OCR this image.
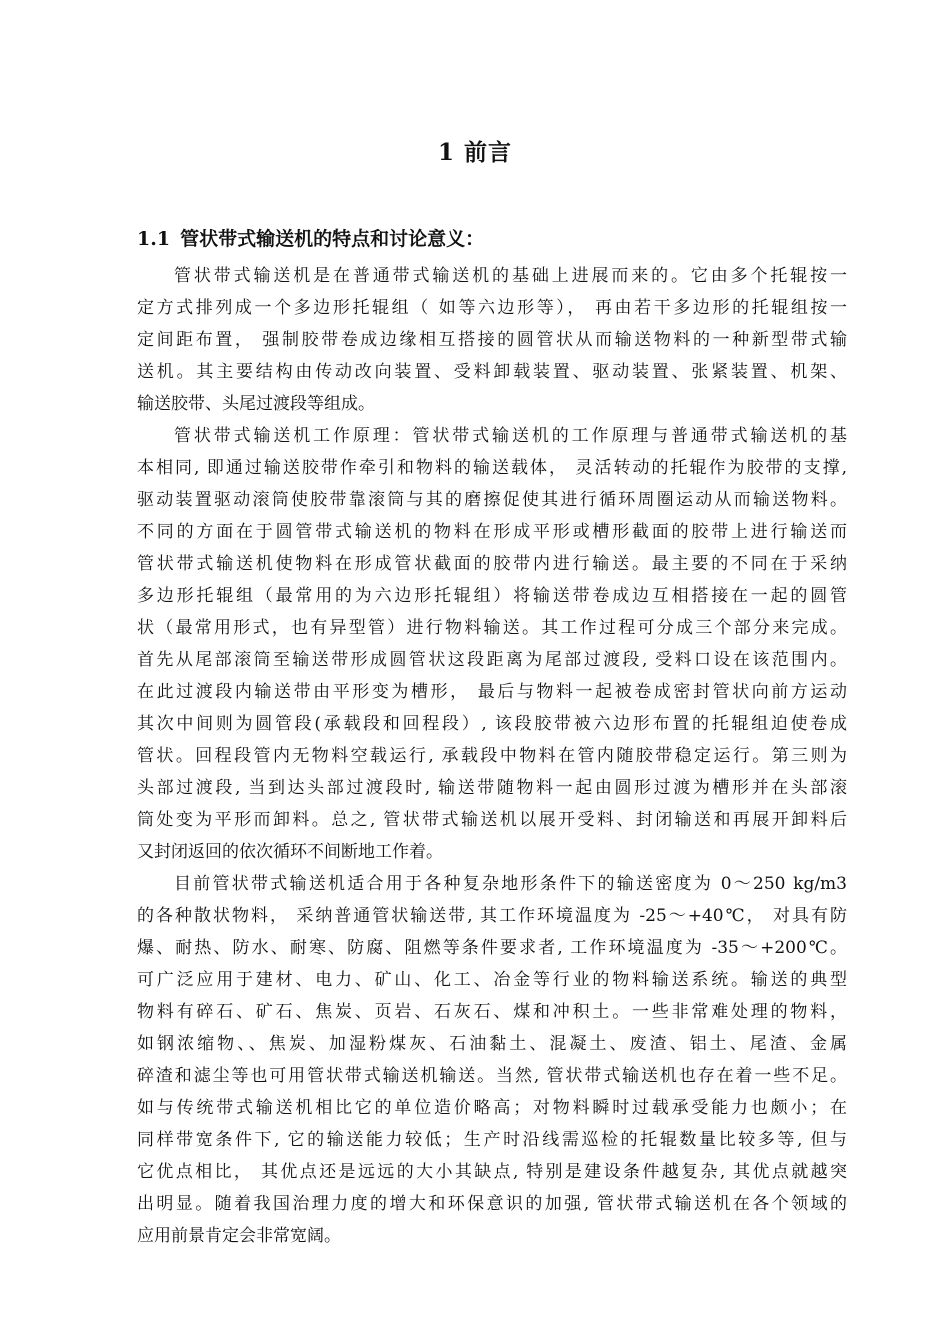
1 前言
1.1 管状带式输送机的特点和讨论意义：
管状带式输送机是在普通带式输送机的基础上进展而来的。它由多个托辊按一
定方式排列成一个多边形托辊组（ 如等六边形等）， 再由若干多边形的托辊组按一
定间距布置， 强制胶带卷成边缘相互搭接的圆管状从而输送物料的一种新型带式输
送机。其主要结构由传动改向装置、受料卸载装置、驱动装置、张紧装置、机架、
输送胶带、头尾过渡段等组成。
管状带式输送机工作原理：管状带式输送机的工作原理与普通带式输送机的基
本相同, 即通过输送胶带作牵引和物料的输送载体， 灵活转动的托辊作为胶带的支撑,
驱动装置驱动滚筒使胶带靠滚筒与其的磨擦促使其进行循环周圈运动从而输送物料。
不同的方面在于圆管带式输送机的物料在形成平形或槽形截面的胶带上进行输送而
管状带式输送机使物料在形成管状截面的胶带内进行输送。最主要的不同在于采纳
多边形托辊组（最常用的为六边形托辊组）将输送带卷成边互相搭接在一起的圆管
状（最常用形式，也有异型管）进行物料输送。其工作过程可分成三个部分来完成。
首先从尾部滚筒至输送带形成圆管状这段距离为尾部过渡段, 受料口设在该范围内。
在此过渡段内输送带由平形变为槽形， 最后与物料一起被卷成密封管状向前方运动
其次中间则为圆管段(承载段和回程段）, 该段胶带被六边形布置的托辊组迫使卷成
管状。回程段管内无物料空载运行, 承载段中物料在管内随胶带稳定运行。第三则为
头部过渡段, 当到达头部过渡段时, 输送带随物料一起由圆形过渡为槽形并在头部滚
筒处变为平形而卸料。总之, 管状带式输送机以展开受料、封闭输送和再展开卸料后
又封闭返回的依次循环不间断地工作着。
目前管状带式输送机适合用于各种复杂地形条件下的输送密度为 0～250 kg/m3
的各种散状物料， 采纳普通管状输送带, 其工作环境温度为 -25～+40℃， 对具有防
爆、耐热、防水、耐寒、防腐、阻燃等条件要求者, 工作环境温度为 -35～+200℃。
可广泛应用于建材、电力、矿山、化工、冶金等行业的物料输送系统。输送的典型
物料有碎石、矿石、焦炭、页岩、石灰石、煤和冲积土。一些非常难处理的物料，
如钢浓缩物、、焦炭、加湿粉煤灰、石油黏土、混凝土、废渣、铝土、尾渣、金属
碎渣和滤尘等也可用管状带式输送机输送。当然, 管状带式输送机也存在着一些不足。
如与传统带式输送机相比它的单位造价略高；对物料瞬时过载承受能力也颇小；在
同样带宽条件下, 它的输送能力较低；生产时沿线需巡检的托辊数量比较多等, 但与
它优点相比， 其优点还是远远的大小其缺点, 特别是建设条件越复杂, 其优点就越突
出明显。随着我国治理力度的增大和环保意识的加强, 管状带式输送机在各个领域的
应用前景肯定会非常宽阔。
